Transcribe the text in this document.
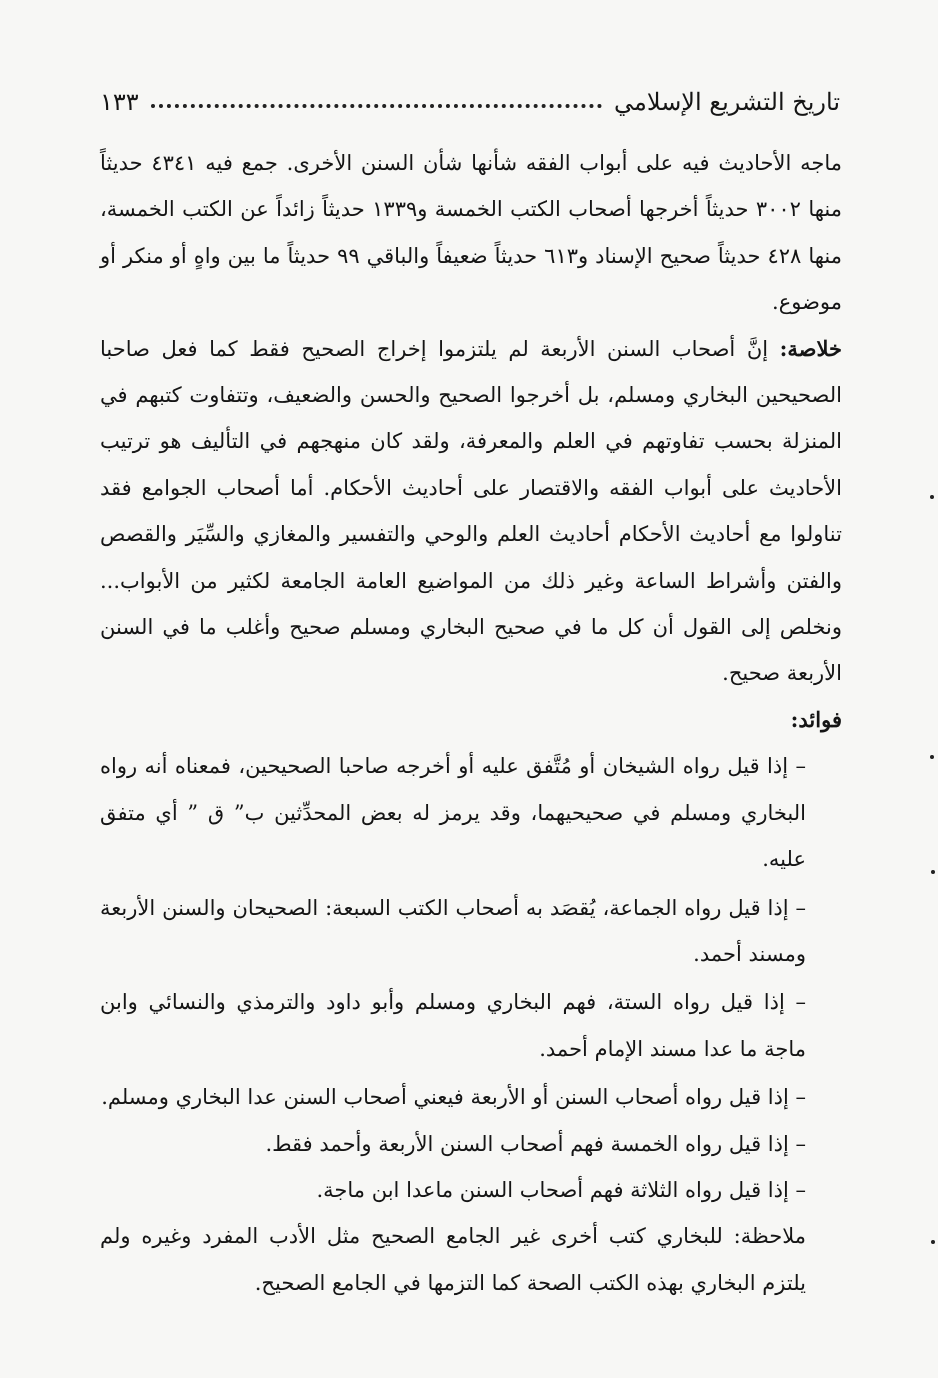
تاريخ التشريع الإسلامي
١٣٣

ماجه الأحاديث فيه على أبواب الفقه شأنها شأن السنن الأخرى. جمع فيه ٤٣٤١ حديثاً منها ٣٠٠٢ حديثاً أخرجها أصحاب الكتب الخمسة و١٣٣٩ حديثاً زائداً عن الكتب الخمسة، منها ٤٢٨ حديثاً صحيح الإسناد و٦١٣ حديثاً ضعيفاً والباقي ٩٩ حديثاً ما بين واهٍ أو منكر أو موضوع.

خلاصة: إنَّ أصحاب السنن الأربعة لم يلتزموا إخراج الصحيح فقط كما فعل صاحبا الصحيحين البخاري ومسلم، بل أخرجوا الصحيح والحسن والضعيف، وتتفاوت كتبهم في المنزلة بحسب تفاوتهم في العلم والمعرفة، ولقد كان منهجهم في التأليف هو ترتيب الأحاديث على أبواب الفقه والاقتصار على أحاديث الأحكام. أما أصحاب الجوامع فقد تناولوا مع أحاديث الأحكام أحاديث العلم والوحي والتفسير والمغازي والسِّيَر والقصص والفتن وأشراط الساعة وغير ذلك من المواضيع العامة الجامعة لكثير من الأبواب... ونخلص إلى القول أن كل ما في صحيح البخاري ومسلم صحيح وأغلب ما في السنن الأربعة صحيح.

فوائد:

– إذا قيل رواه الشيخان أو مُتَّفق عليه أو أخرجه صاحبا الصحيحين، فمعناه أنه رواه البخاري ومسلم في صحيحيهما، وقد يرمز له بعض المحدِّثين ب” ق ” أي متفق عليه.

– إذا قيل رواه الجماعة، يُقصَد به أصحاب الكتب السبعة: الصحيحان والسنن الأربعة ومسند أحمد.

– إذا قيل رواه الستة، فهم البخاري ومسلم وأبو داود والترمذي والنسائي وابن ماجة ما عدا مسند الإمام أحمد.

– إذا قيل رواه أصحاب السنن أو الأربعة فيعني أصحاب السنن عدا البخاري ومسلم.

– إذا قيل رواه الخمسة فهم أصحاب السنن الأربعة وأحمد فقط.

– إذا قيل رواه الثلاثة فهم أصحاب السنن ماعدا ابن ماجة.

ملاحظة: للبخاري كتب أخرى غير الجامع الصحيح مثل الأدب المفرد وغيره ولم يلتزم البخاري بهذه الكتب الصحة كما التزمها في الجامع الصحيح.
